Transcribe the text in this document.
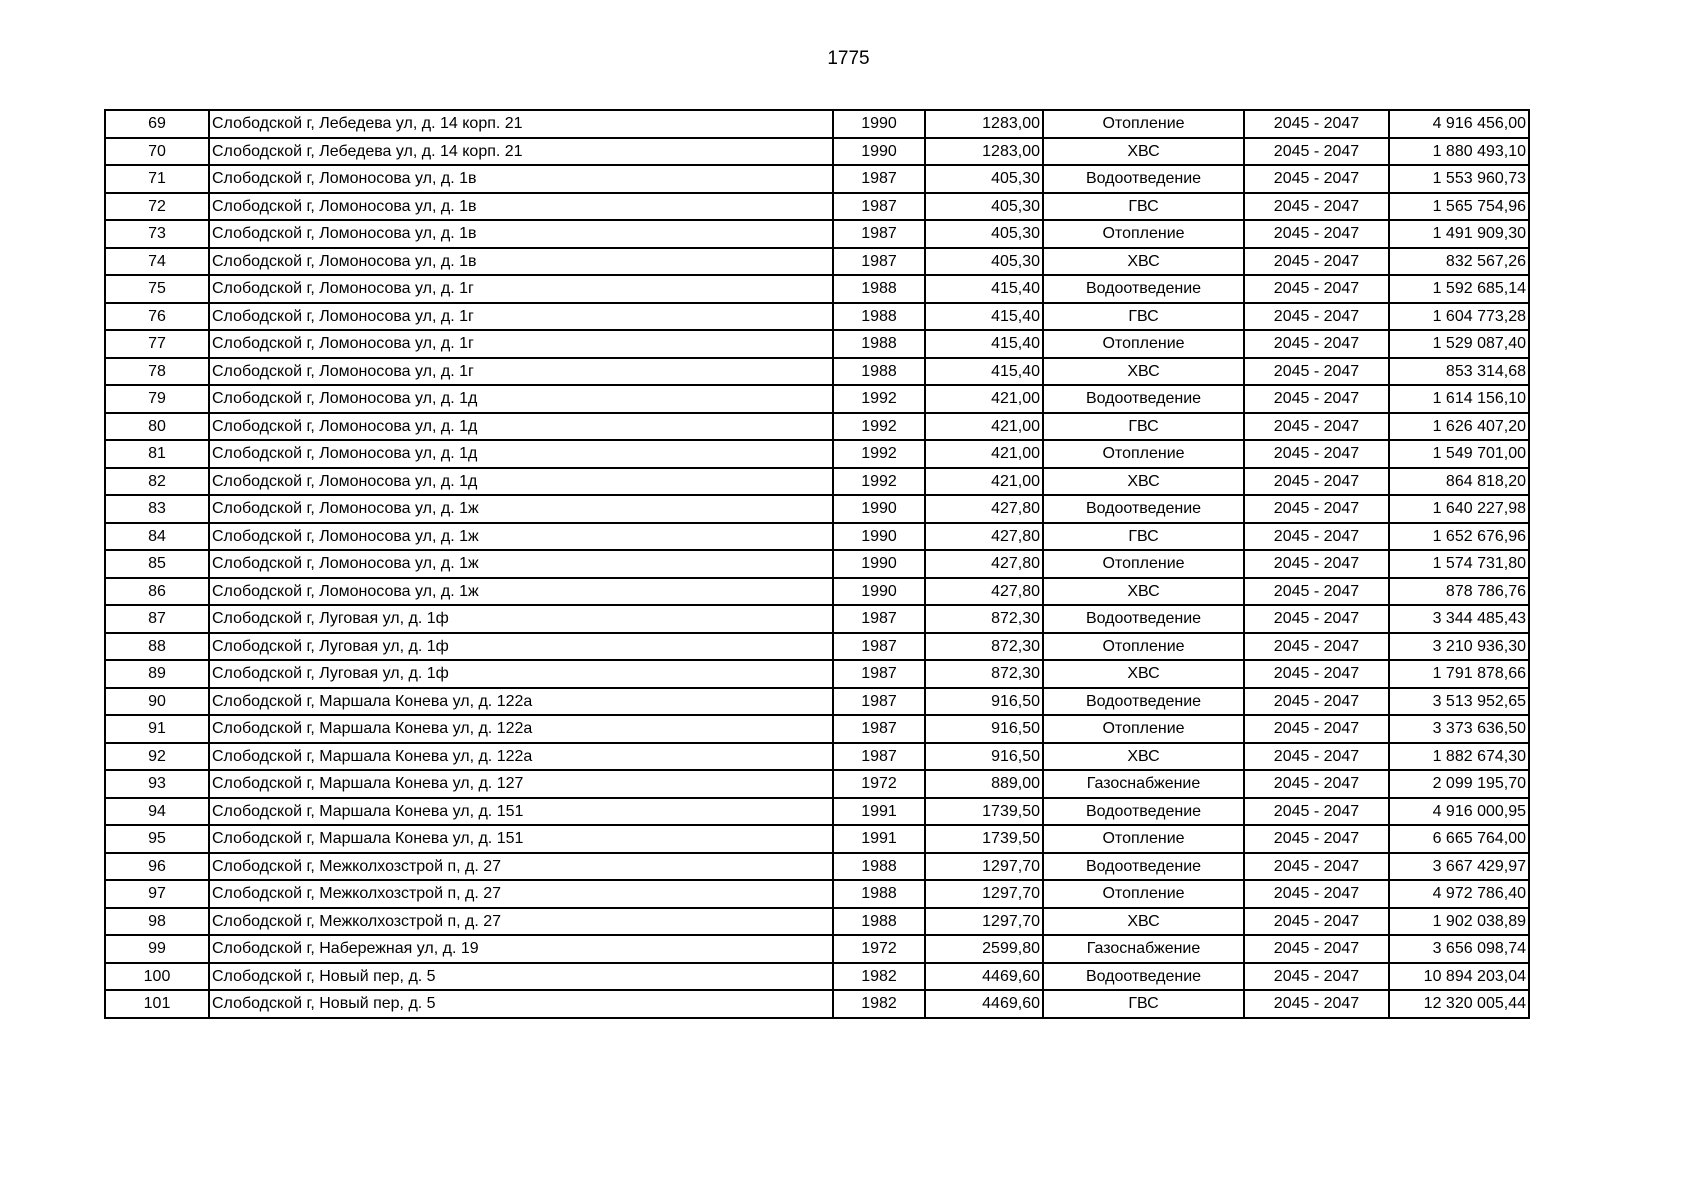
1775
69	Слободской г, Лебедева ул, д. 14 корп. 21	1990	1283,00	Отопление	2045 - 2047	4 916 456,00
70	Слободской г, Лебедева ул, д. 14 корп. 21	1990	1283,00	ХВС	2045 - 2047	1 880 493,10
71	Слободской г, Ломоносова ул, д. 1в	1987	405,30	Водоотведение	2045 - 2047	1 553 960,73
72	Слободской г, Ломоносова ул, д. 1в	1987	405,30	ГВС	2045 - 2047	1 565 754,96
73	Слободской г, Ломоносова ул, д. 1в	1987	405,30	Отопление	2045 - 2047	1 491 909,30
74	Слободской г, Ломоносова ул, д. 1в	1987	405,30	ХВС	2045 - 2047	832 567,26
75	Слободской г, Ломоносова ул, д. 1г	1988	415,40	Водоотведение	2045 - 2047	1 592 685,14
76	Слободской г, Ломоносова ул, д. 1г	1988	415,40	ГВС	2045 - 2047	1 604 773,28
77	Слободской г, Ломоносова ул, д. 1г	1988	415,40	Отопление	2045 - 2047	1 529 087,40
78	Слободской г, Ломоносова ул, д. 1г	1988	415,40	ХВС	2045 - 2047	853 314,68
79	Слободской г, Ломоносова ул, д. 1д	1992	421,00	Водоотведение	2045 - 2047	1 614 156,10
80	Слободской г, Ломоносова ул, д. 1д	1992	421,00	ГВС	2045 - 2047	1 626 407,20
81	Слободской г, Ломоносова ул, д. 1д	1992	421,00	Отопление	2045 - 2047	1 549 701,00
82	Слободской г, Ломоносова ул, д. 1д	1992	421,00	ХВС	2045 - 2047	864 818,20
83	Слободской г, Ломоносова ул, д. 1ж	1990	427,80	Водоотведение	2045 - 2047	1 640 227,98
84	Слободской г, Ломоносова ул, д. 1ж	1990	427,80	ГВС	2045 - 2047	1 652 676,96
85	Слободской г, Ломоносова ул, д. 1ж	1990	427,80	Отопление	2045 - 2047	1 574 731,80
86	Слободской г, Ломоносова ул, д. 1ж	1990	427,80	ХВС	2045 - 2047	878 786,76
87	Слободской г, Луговая ул, д. 1ф	1987	872,30	Водоотведение	2045 - 2047	3 344 485,43
88	Слободской г, Луговая ул, д. 1ф	1987	872,30	Отопление	2045 - 2047	3 210 936,30
89	Слободской г, Луговая ул, д. 1ф	1987	872,30	ХВС	2045 - 2047	1 791 878,66
90	Слободской г, Маршала Конева ул, д. 122а	1987	916,50	Водоотведение	2045 - 2047	3 513 952,65
91	Слободской г, Маршала Конева ул, д. 122а	1987	916,50	Отопление	2045 - 2047	3 373 636,50
92	Слободской г, Маршала Конева ул, д. 122а	1987	916,50	ХВС	2045 - 2047	1 882 674,30
93	Слободской г, Маршала Конева ул, д. 127	1972	889,00	Газоснабжение	2045 - 2047	2 099 195,70
94	Слободской г, Маршала Конева ул, д. 151	1991	1739,50	Водоотведение	2045 - 2047	4 916 000,95
95	Слободской г, Маршала Конева ул, д. 151	1991	1739,50	Отопление	2045 - 2047	6 665 764,00
96	Слободской г, Межколхозстрой п, д. 27	1988	1297,70	Водоотведение	2045 - 2047	3 667 429,97
97	Слободской г, Межколхозстрой п, д. 27	1988	1297,70	Отопление	2045 - 2047	4 972 786,40
98	Слободской г, Межколхозстрой п, д. 27	1988	1297,70	ХВС	2045 - 2047	1 902 038,89
99	Слободской г, Набережная ул, д. 19	1972	2599,80	Газоснабжение	2045 - 2047	3 656 098,74
100	Слободской г, Новый пер, д. 5	1982	4469,60	Водоотведение	2045 - 2047	10 894 203,04
101	Слободской г, Новый пер, д. 5	1982	4469,60	ГВС	2045 - 2047	12 320 005,44
